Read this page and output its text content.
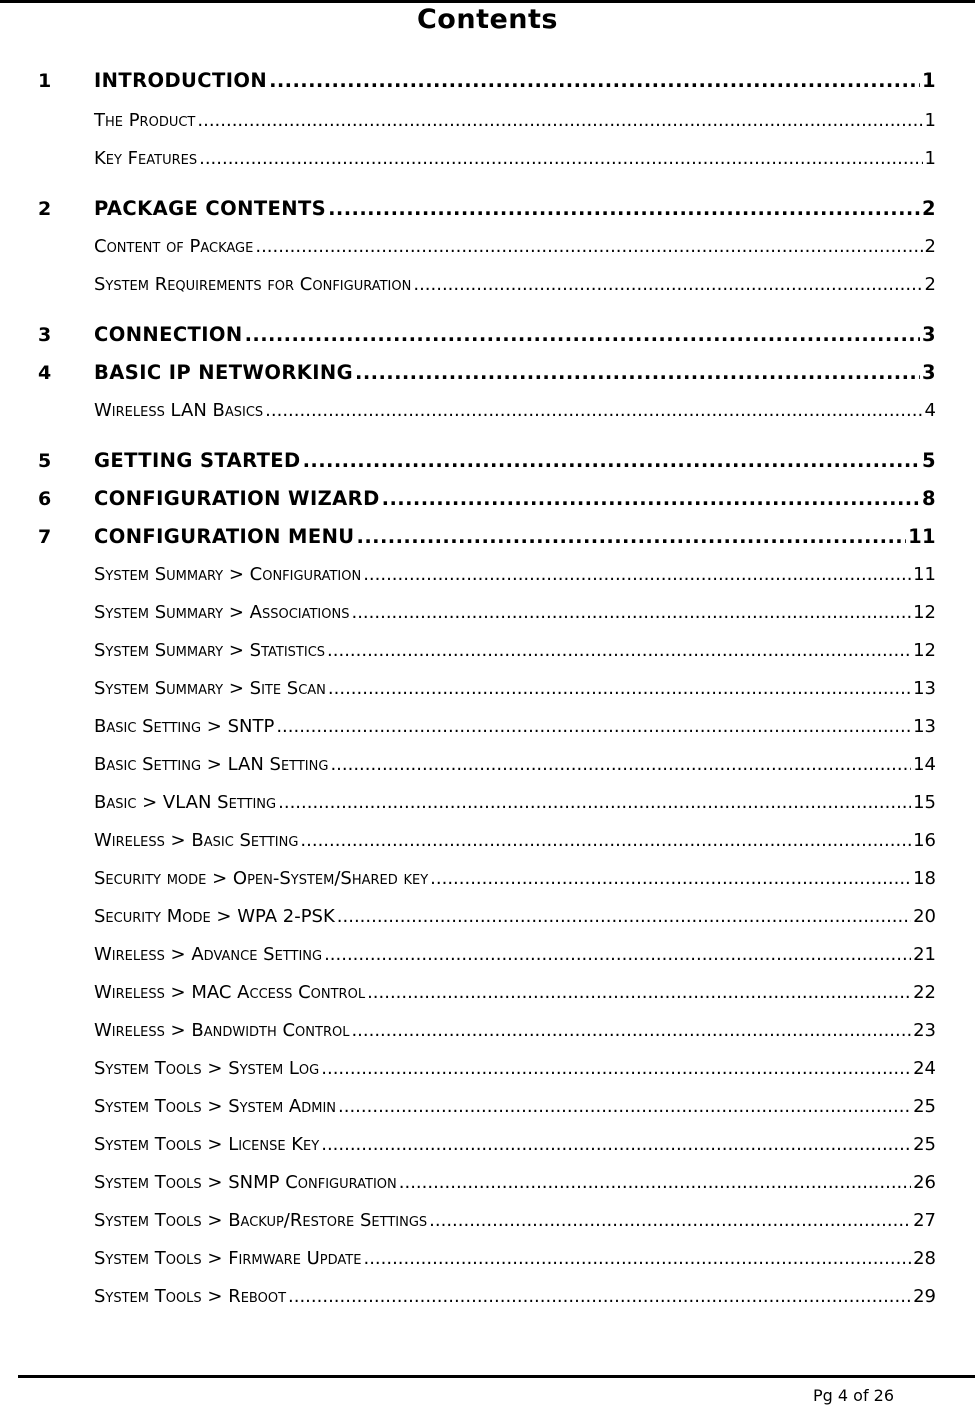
Contents
1 INTRODUCTION .....	1
The Product .....	1
Key Features .....	1
2 PACKAGE CONTENTS .....	2
Content of Package .....	2
System Requirements for Configuration .....	2
3 CONNECTION .....	3
4 BASIC IP NETWORKING .....	3
Wireless LAN Basics .....	4
5 GETTING STARTED .....	5
6 CONFIGURATION WIZARD .....	8
7 CONFIGURATION MENU .....	11
System Summary > Configuration .....	11
System Summary > Associations .....	12
System Summary > Statistics .....	12
System Summary > Site Scan .....	13
Basic Setting > SNTP .....	13
Basic Setting > LAN Setting .....	14
Basic > VLAN Setting .....	15
Wireless > Basic Setting .....	16
Security mode > Open-System/Shared key .....	18
Security Mode > WPA 2-PSK .....	20
Wireless > Advance Setting .....	21
Wireless > MAC Access Control .....	22
Wireless > Bandwidth Control .....	23
System Tools > System Log .....	24
System Tools > System Admin .....	25
System Tools > License Key .....	25
System Tools > SNMP Configuration .....	26
System Tools > Backup/Restore Settings .....	27
System Tools > Firmware Update .....	28
System Tools > Reboot .....	29
Pg 4 of 26
